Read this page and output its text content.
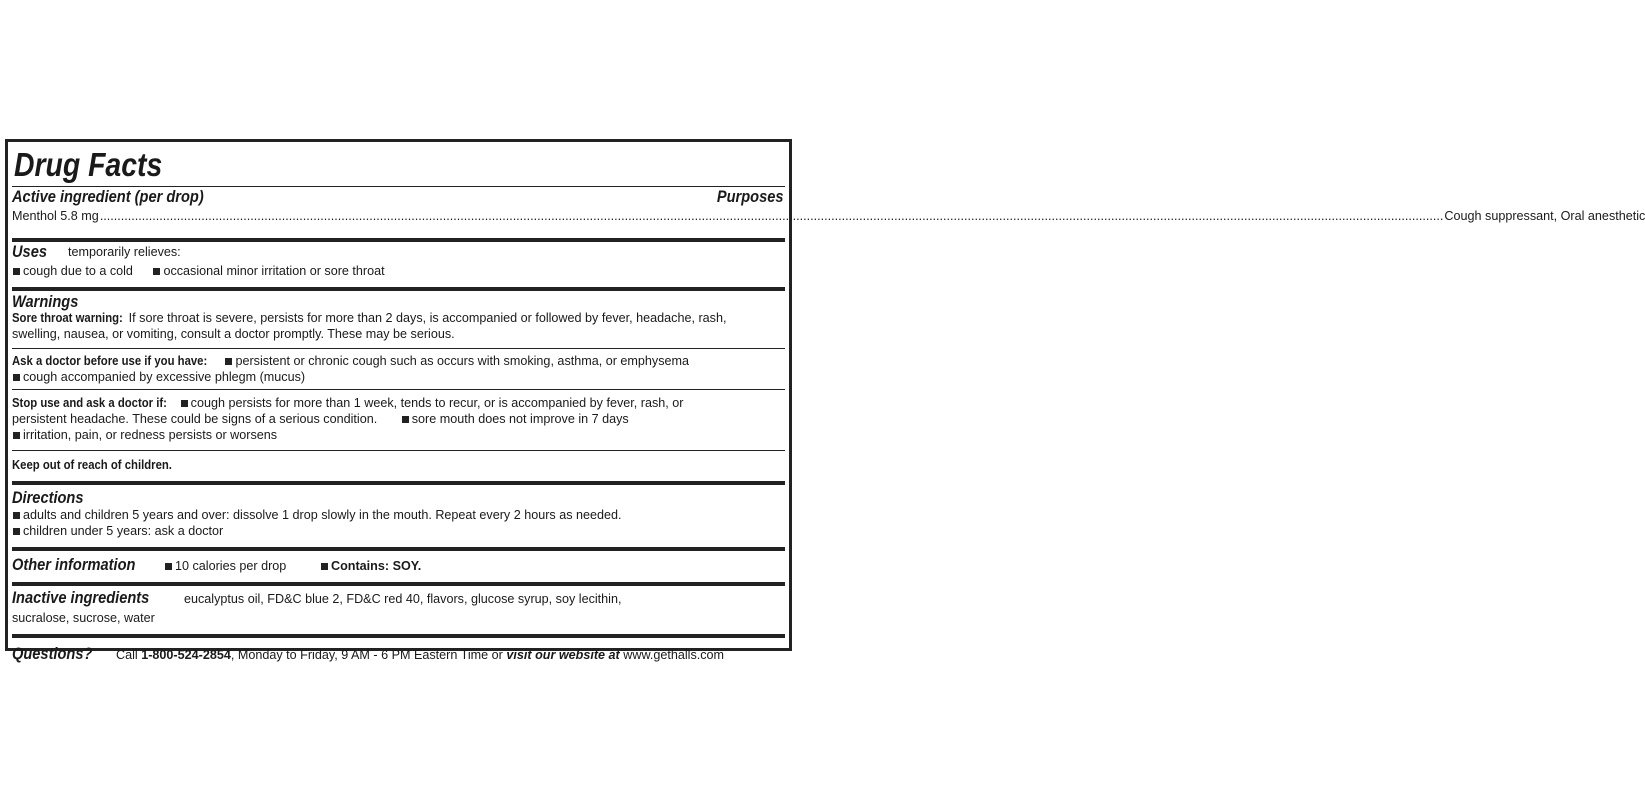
Drug Facts
Active ingredient (per drop)	Purposes
Menthol 5.8 mg ................................................................................................................................................................................................................................................................................................................................................................................................ Cough suppressant, Oral anesthetic
Uses temporarily relieves:
cough due to a cold occasional minor irritation or sore throat
Warnings
Sore throat warning: If sore throat is severe, persists for more than 2 days, is accompanied or followed by fever, headache, rash,
swelling, nausea, or vomiting, consult a doctor promptly. These may be serious.
Ask a doctor before use if you have: persistent or chronic cough such as occurs with smoking, asthma, or emphysema
cough accompanied by excessive phlegm (mucus)
Stop use and ask a doctor if: cough persists for more than 1 week, tends to recur, or is accompanied by fever, rash, or
persistent headache. These could be signs of a serious condition.	sore mouth does not improve in 7 days
irritation, pain, or redness persists or worsens
Keep out of reach of children.
Directions
adults and children 5 years and over: dissolve 1 drop slowly in the mouth. Repeat every 2 hours as needed.
children under 5 years: ask a doctor
Other information	10 calories per drop	Contains: SOY.
Inactive ingredients	eucalyptus oil, FD&C blue 2, FD&C red 40, flavors, glucose syrup, soy lecithin,
sucralose, sucrose, water
Questions? Call 1-800-524-2854, Monday to Friday, 9 AM - 6 PM Eastern Time or visit our website at www.gethalls.com
